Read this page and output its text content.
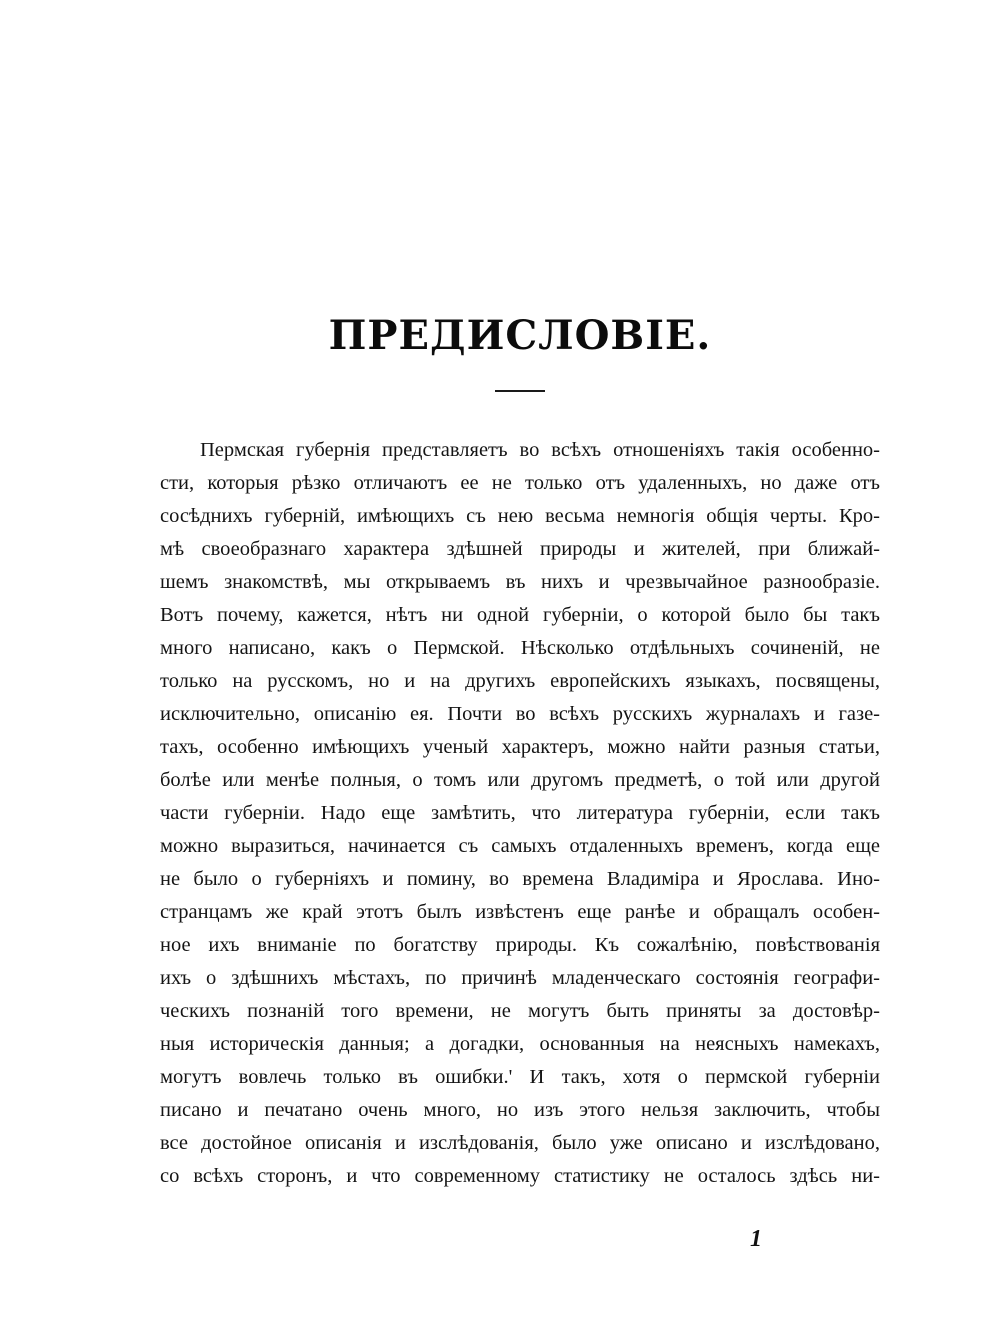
ПРЕДИСЛОВІЕ.
Пермская губернія представляетъ во всѣхъ отношеніяхъ такія особенно-
сти, которыя рѣзко отличаютъ ее не только отъ удаленныхъ, но даже отъ
сосѣднихъ губерній, имѣющихъ съ нею весьма немногія общія черты. Кро-
мѣ своеобразнаго характера здѣшней природы и жителей, при ближай-
шемъ знакомствѣ, мы открываемъ въ нихъ и чрезвычайное разнообразіе.
Вотъ почему, кажется, нѣтъ ни одной губерніи, о которой было бы такъ
много написано, какъ о Пермской. Нѣсколько отдѣльныхъ сочиненій, не
только на русскомъ, но и на другихъ европейскихъ языкахъ, посвящены,
исключительно, описанію ея. Почти во всѣхъ русскихъ журналахъ и газе-
тахъ, особенно имѣющихъ ученый характеръ, можно найти разныя статьи,
болѣе или менѣе полныя, о томъ или другомъ предметѣ, о той или другой
части губерніи. Надо еще замѣтить, что литература губерніи, если такъ
можно выразиться, начинается съ самыхъ отдаленныхъ временъ, когда еще
не было о губерніяхъ и помину, во времена Владиміра и Ярослава. Ино-
странцамъ же край этотъ былъ извѣстенъ еще ранѣе и обращалъ особен-
ное ихъ вниманіе по богатству природы. Къ сожалѣнію, повѣствованія
ихъ о здѣшнихъ мѣстахъ, по причинѣ младенческаго состоянія географи-
ческихъ познаній того времени, не могутъ быть приняты за достовѣр-
ныя историческія данныя; а догадки, основанныя на неясныхъ намекахъ,
могутъ вовлечь только въ ошибки.' И такъ, хотя о пермской губерніи
писано и печатано очень много, но изъ этого нельзя заключить, чтобы
все достойное описанія и изслѣдованія, было уже описано и изслѣдовано,
со всѣхъ сторонъ, и что современному статистику не осталось здѣсь ни-
1
